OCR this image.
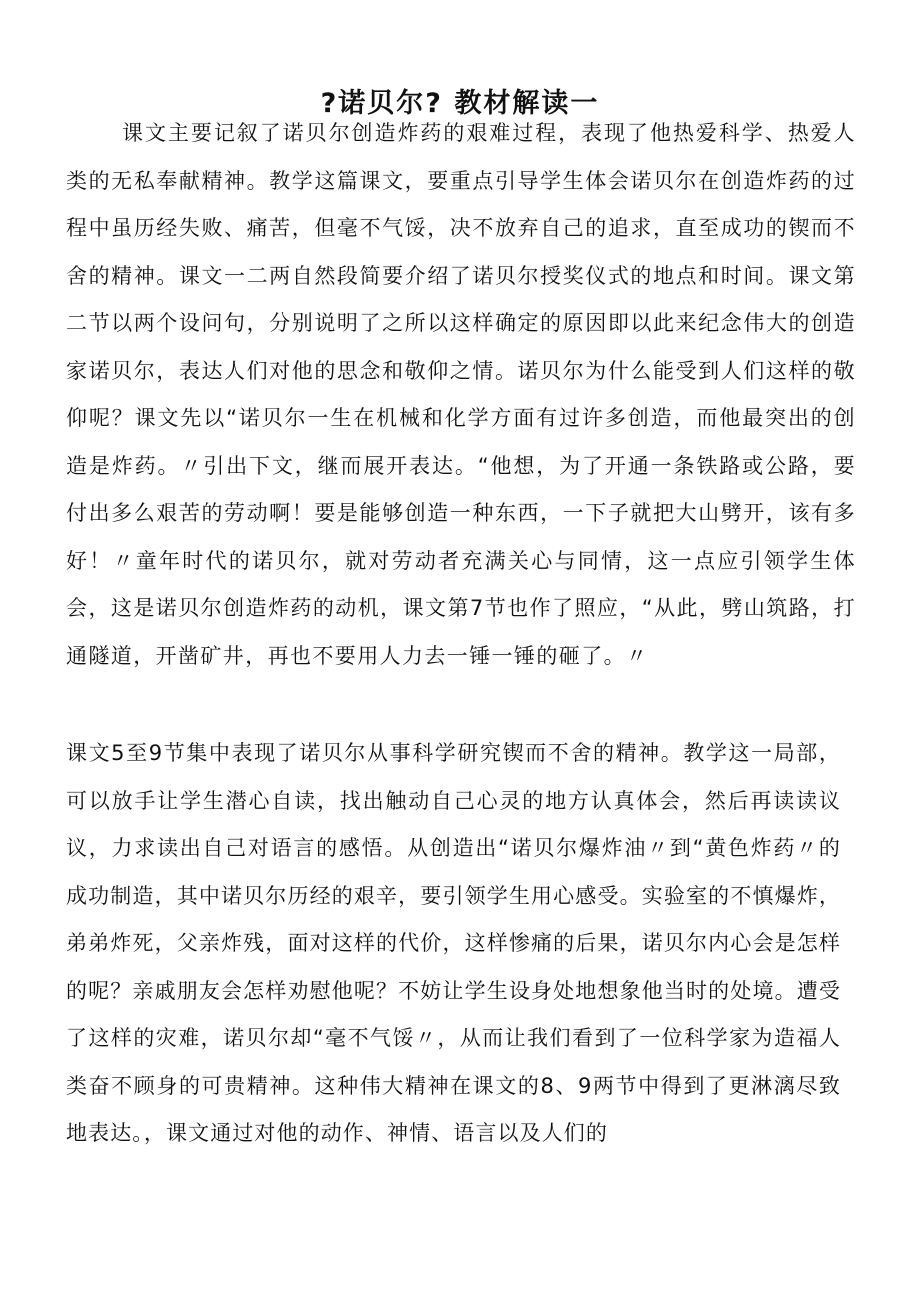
?诺贝尔? 教材解读一

课文主要记叙了诺贝尔创造炸药的艰难过程，表现了他热爱科学、热爱人类的无私奉献精神。教学这篇课文，要重点引导学生体会诺贝尔在创造炸药的过程中虽历经失败、痛苦，但毫不气馁，决不放弃自己的追求，直至成功的锲而不舍的精神。课文一二两自然段简要介绍了诺贝尔授奖仪式的地点和时间。课文第二节以两个设问句，分别说明了之所以这样确定的原因即以此来纪念伟大的创造家诺贝尔，表达人们对他的思念和敬仰之情。诺贝尔为什么能受到人们这样的敬仰呢？课文先以“诺贝尔一生在机械和化学方面有过许多创造，而他最突出的创造是炸药。〃引出下文，继而展开表达。“他想，为了开通一条铁路或公路，要付出多么艰苦的劳动啊！要是能够创造一种东西，一下子就把大山劈开，该有多好！〃童年时代的诺贝尔，就对劳动者充满关心与同情，这一点应引领学生体会，这是诺贝尔创造炸药的动机，课文第7节也作了照应，“从此，劈山筑路，打通隧道，开凿矿井，再也不要用人力去一锤一锤的砸了。〃

课文5至9节集中表现了诺贝尔从事科学研究锲而不舍的精神。教学这一局部，可以放手让学生潜心自读，找出触动自己心灵的地方认真体会，然后再读读议议，力求读出自己对语言的感悟。从创造出“诺贝尔爆炸油〃到“黄色炸药〃的成功制造，其中诺贝尔历经的艰辛，要引领学生用心感受。实验室的不慎爆炸，弟弟炸死，父亲炸残，面对这样的代价，这样惨痛的后果，诺贝尔内心会是怎样的呢？亲戚朋友会怎样劝慰他呢？不妨让学生设身处地想象他当时的处境。遭受了这样的灾难，诺贝尔却“毫不气馁〃，从而让我们看到了一位科学家为造福人类奋不顾身的可贵精神。这种伟大精神在课文的8、9两节中得到了更淋漓尽致地表达。，课文通过对他的动作、神情、语言以及人们的
